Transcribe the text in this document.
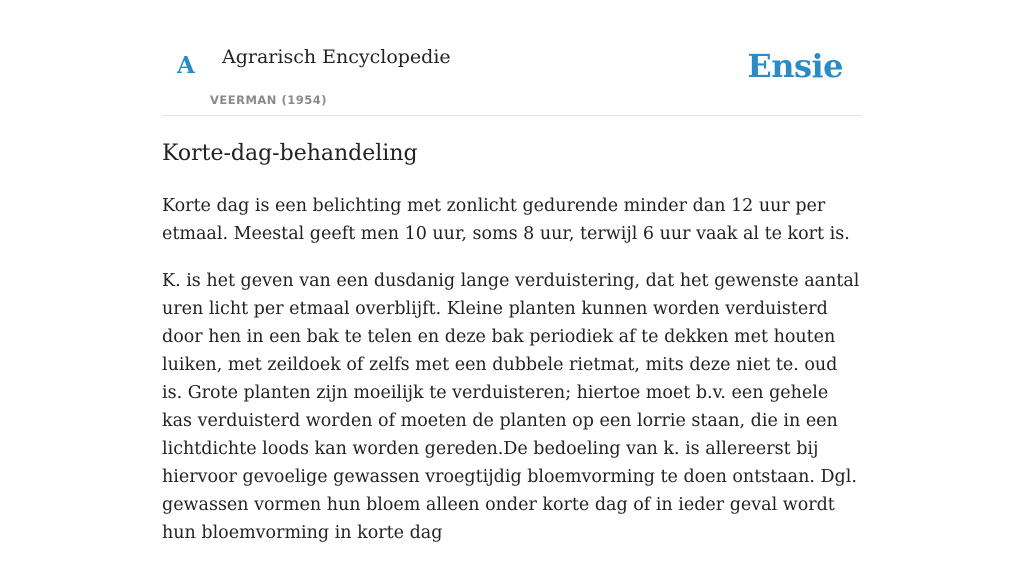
A Agrarisch Encyclopedie
VEERMAN (1954)
Ensie
Korte-dag-behandeling

Korte dag is een belichting met zonlicht gedurende minder dan 12 uur per etmaal. Meestal geeft men 10 uur, soms 8 uur, terwijl 6 uur vaak al te kort is.

K. is het geven van een dusdanig lange verduistering, dat het gewenste aantal uren licht per etmaal overblijft. Kleine planten kunnen worden verduisterd door hen in een bak te telen en deze bak periodiek af te dekken met houten luiken, met zeildoek of zelfs met een dubbele rietmat, mits deze niet te. oud is. Grote planten zijn moeilijk te verduisteren; hiertoe moet b.v. een gehele kas verduisterd worden of moeten de planten op een lorrie staan, die in een lichtdichte loods kan worden gereden.De bedoeling van k. is allereerst bij hiervoor gevoelige gewassen vroegtijdig bloemvorming te doen ontstaan. Dgl. gewassen vormen hun bloem alleen onder korte dag of in ieder geval wordt hun bloemvorming in korte dag
